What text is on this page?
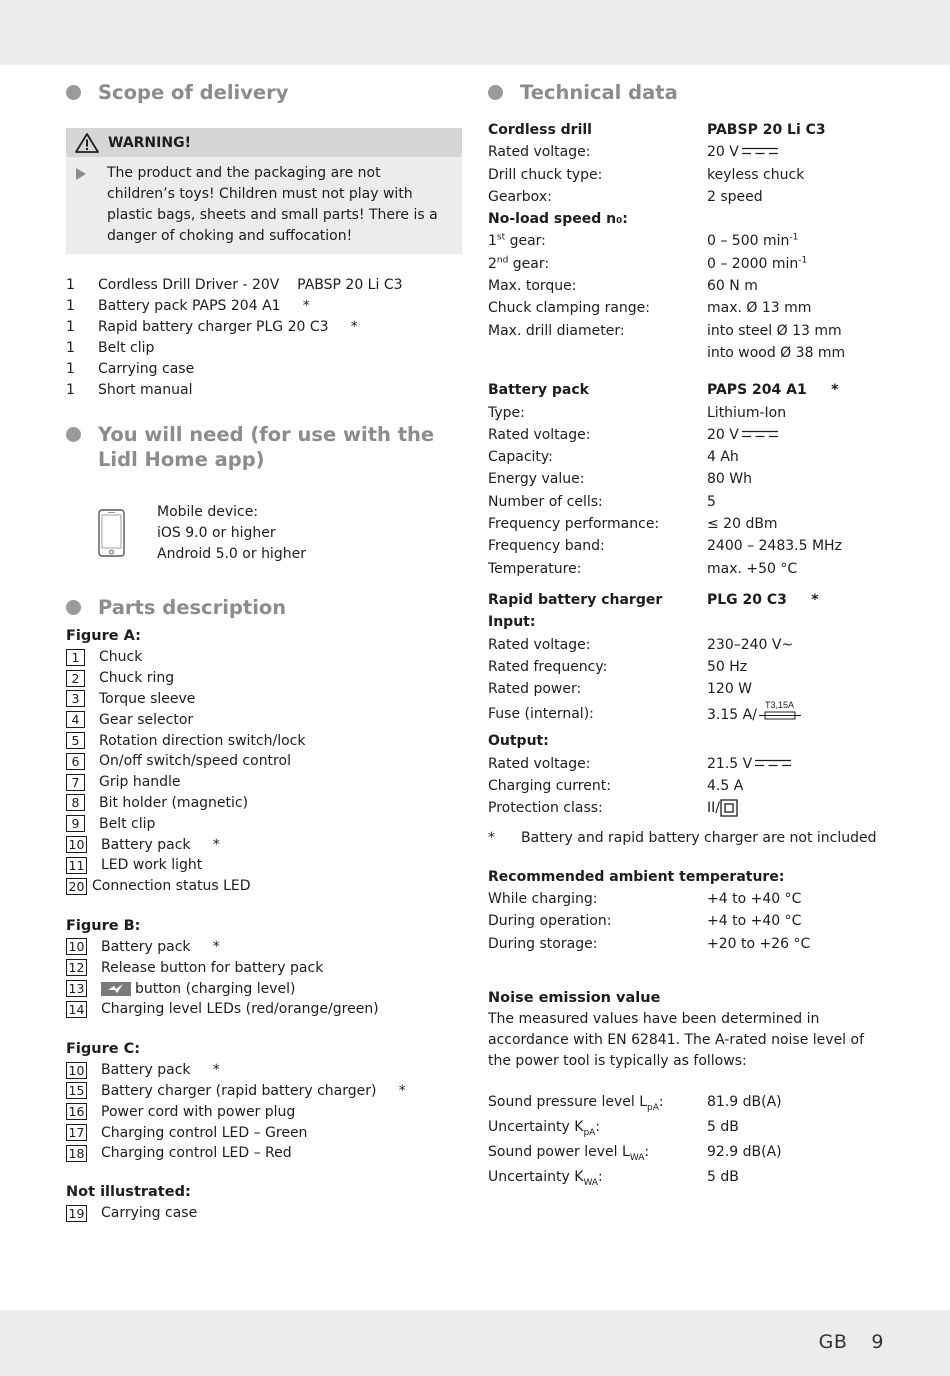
Scope of delivery
WARNING!
The product and the packaging are not children’s toys! Children must not play with plastic bags, sheets and small parts! There is a danger of choking and suffocation!
1	Cordless Drill Driver - 20V    PABSP 20 Li C3
1	Battery pack PAPS 204 A1     *
1	Rapid battery charger PLG 20 C3     *
1	Belt clip
1	Carrying case
1	Short manual
You will need (for use with the Lidl Home app)
Mobile device:
iOS 9.0 or higher
Android 5.0 or higher
Parts description
Figure A:
1	Chuck
2	Chuck ring
3	Torque sleeve
4	Gear selector
5	Rotation direction switch/lock
6	On/off switch/speed control
7	Grip handle
8	Bit holder (magnetic)
9	Belt clip
10 Battery pack     *
11 LED work light
20 Connection status LED
Figure B:
10 Battery pack     *
12 Release button for battery pack
13	button (charging level)
14 Charging level LEDs (red/orange/green)
Figure C:
10 Battery pack     *
15 Battery charger (rapid battery charger)     *
16 Power cord with power plug
17 Charging control LED – Green
18 Charging control LED – Red
Not illustrated:
19 Carrying case
Technical data
Cordless drill	PABSP 20 Li C3
Rated voltage:	20 V
Drill chuck type:	keyless chuck
Gearbox:	2 speed
No-load speed n₀:
1st gear:	0 – 500 $\min^{-1}$
2nd gear:	0 – 2000 $\min^{-1}$
Max. torque:	60 N m
Chuck clamping range:	max. Ø 13 mm
Max. drill diameter:	into steel Ø 13 mm
into wood Ø 38 mm
Battery pack	PAPS 204 A1     *
Type:	Lithium-Ion
Rated voltage:	20 V
Capacity:	4 Ah
Energy value:	80 Wh
Number of cells:	5
Frequency performance:	≤ 20 dBm
Frequency band:	2400 – 2483.5 MHz
Temperature:	max. +50 °C
Rapid battery charger	PLG 20 C3     *
Input:
Rated voltage:	230–240 V~
Rated frequency:	50 Hz
Rated power:	120 W
Fuse (internal):	3.15 A/
T3,15A
Output:
Rated voltage:	21.5 V
Charging current:	4.5 A
Protection class:	II/
*	Battery and rapid battery charger are not included
Recommended ambient temperature:
While charging:	+4 to +40 °C
During operation:	+4 to +40 °C
During storage:	+20 to +26 °C
Noise emission value
The measured values have been determined in accordance with EN 62841. The A-rated noise level of the power tool is typically as follows:
Sound pressure level $L_{pA}$:	81.9 dB(A)
Uncertainty $K_{pA}$:	5 dB
Sound power level $L_{WA}$:	92.9 dB(A)
Uncertainty $K_{WA}$:	5 dB
GB 9
